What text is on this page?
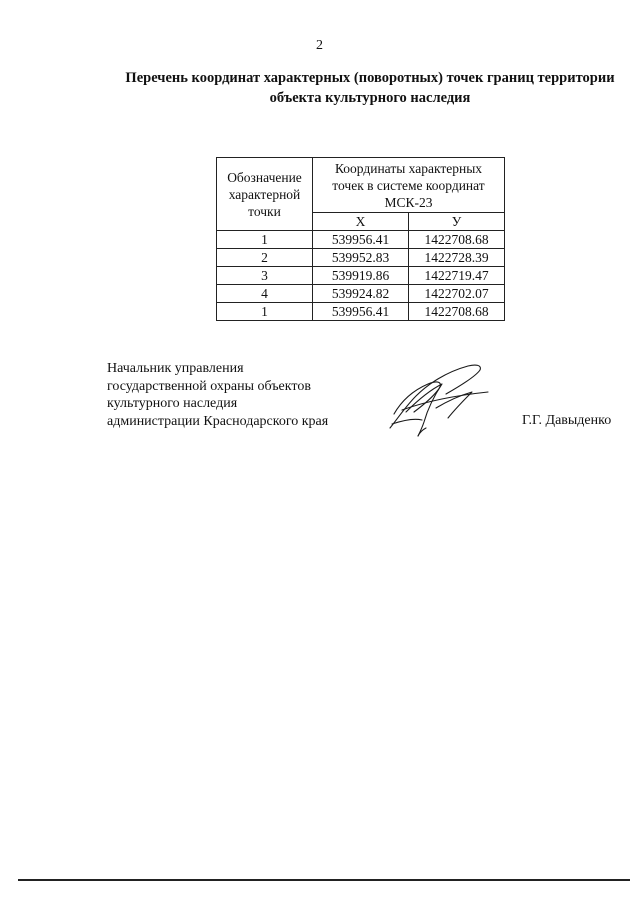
2
Перечень координат характерных (поворотных) точек границ территории
объекта культурного наследия
Обозначение
характерной
точки	Координаты характерных
точек в системе координат
МСК-23	

	Х	У
1	539956.41	1422708.68
2	539952.83	1422728.39
3	539919.86	1422719.47
4	539924.82	1422702.07
1	539956.41	1422708.68
Начальник управления
государственной охраны объектов
культурного наследия
администрации Краснодарского края	Г.Г. Давыденко
